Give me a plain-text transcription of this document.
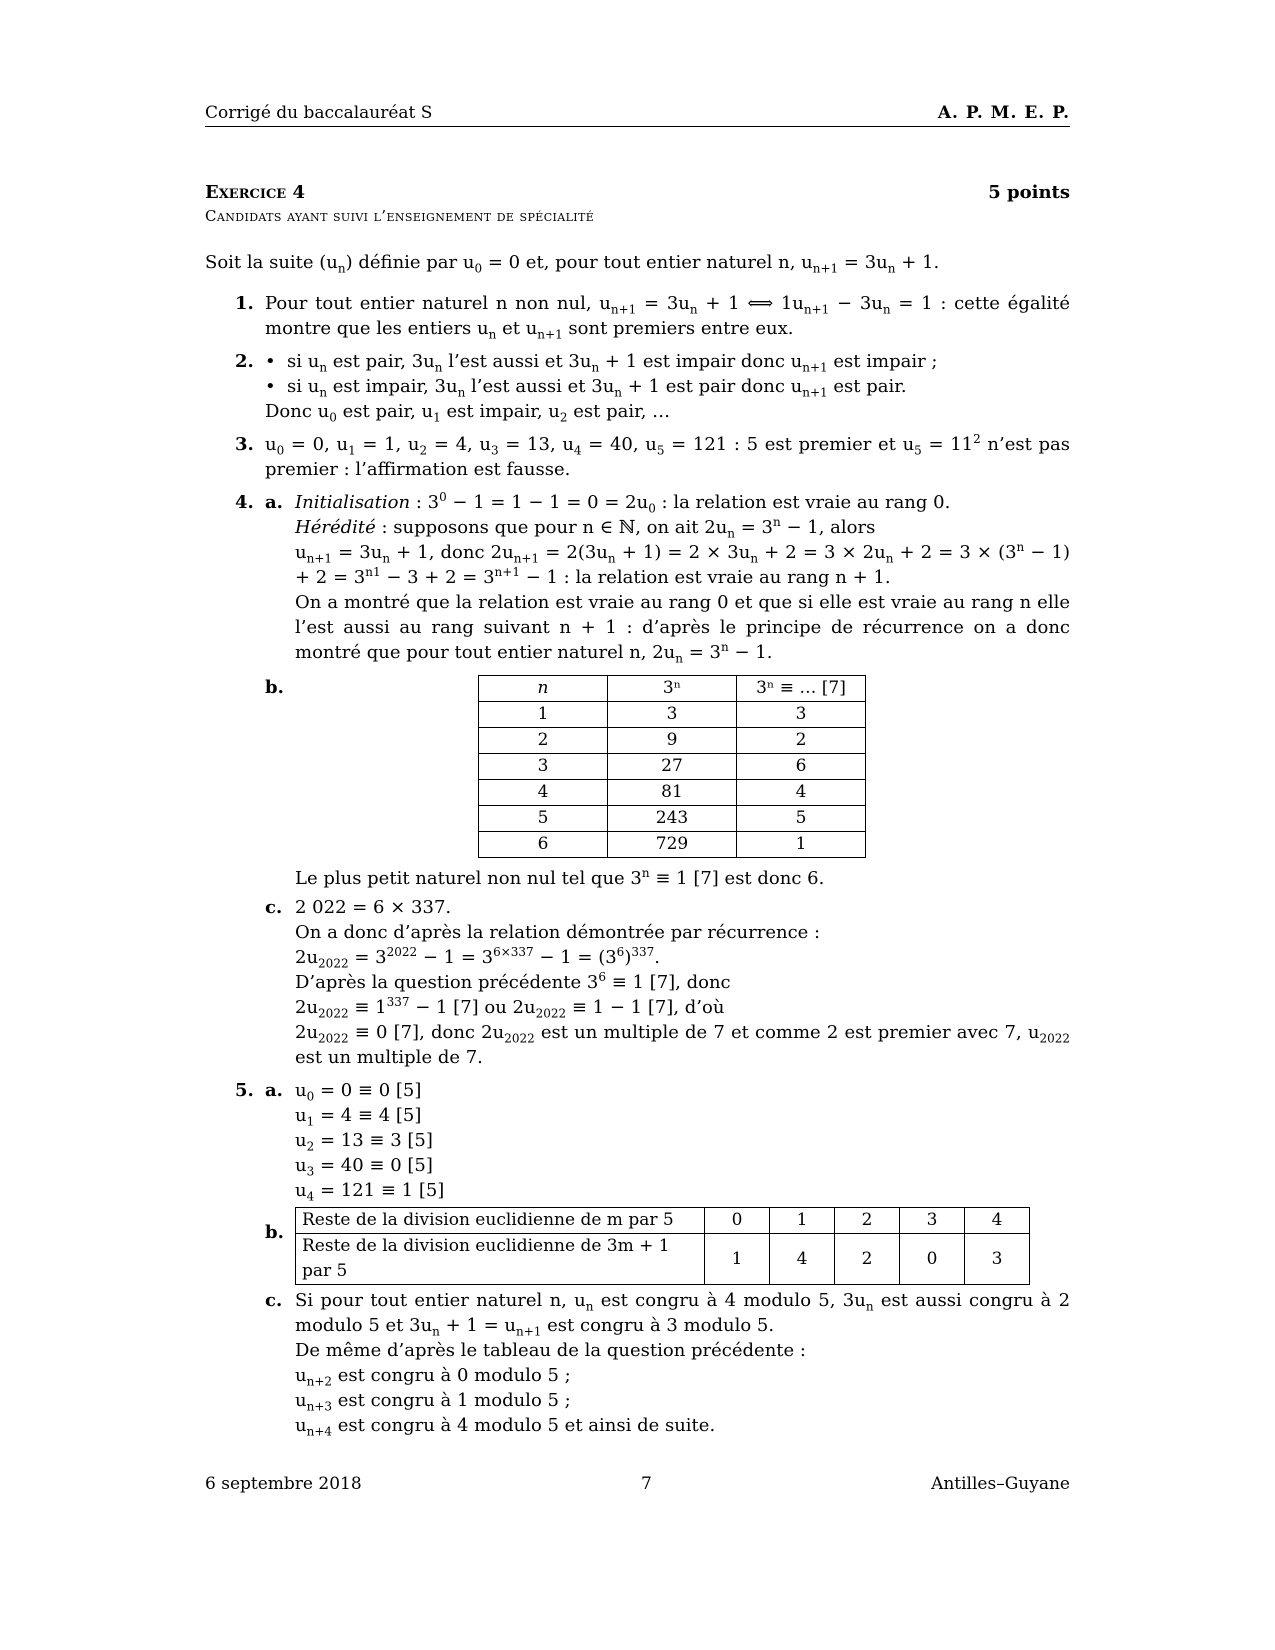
Corrigé du baccalauréat S	A. P. M. E. P.
Exercice 4	5 points
Candidats ayant suivi l’enseignement de spécialité
Soit la suite $(u_n)$ définie par $u_0 = 0$ et, pour tout entier naturel n, $u_{n+1} = 3u_n + 1$.
1. Pour tout entier naturel n non nul, $u_{n+1} = 3u_n + 1$ ⟺ $1u_{n+1} - 3u_n = 1$ : cette égalité montre que les entiers $u_n$ et $u_{n+1}$ sont premiers entre eux.
2. • si $u_n$ est pair, $3u_n$ l’est aussi et $3u_n + 1$ est impair donc $u_{n+1}$ est impair ;
• si $u_n$ est impair, $3u_n$ l’est aussi et $3u_n + 1$ est pair donc $u_{n+1}$ est pair.
Donc $u_0$ est pair, $u_1$ est impair, $u_2$ est pair, …
3. $u_0 = 0$, $u_1 = 1$, $u_2 = 4$, $u_3 = 13$, $u_4 = 40$, $u_5 = 121$ : 5 est premier et $u_5 = 11^2$ n’est pas premier : l’affirmation est fausse.
4. a. Initialisation : $3^0 - 1 = 1 - 1 = 0 = 2u_0$ : la relation est vraie au rang 0.
Hérédité : supposons que pour n ∈ ℕ, on ait $2u_n = 3^n - 1$, alors
$u_{n+1} = 3u_n + 1$, donc $2u_{n+1} = 2(3u_n + 1) = 2 \times 3u_n + 2 = 3 \times 2u_n + 2 = 3 \times (3^n - 1) + 2 = 3^{n1} - 3 + 2 = 3^{n+1} - 1$ : la relation est vraie au rang n + 1.
On a montré que la relation est vraie au rang 0 et que si elle est vraie au rang n elle l’est aussi au rang suivant n + 1 : d’après le principe de récurrence on a donc montré que pour tout entier naturel n, $2u_n = 3^n - 1$.
b.	n	3ⁿ	3ⁿ ≡ … [7]
1	3	3
2	9	2
3	27	6
4	81	4
5	243	5
6	729	1
Le plus petit naturel non nul tel que $3^n \equiv 1$ [7] est donc 6.
c. 2 022 = 6 × 337.
On a donc d’après la relation démontrée par récurrence :
$2u_{2022} = 3^{2022} - 1 = 3^{6\times 337} - 1 = (3^6)^{337}$.
D’après la question précédente $3^6 \equiv 1$ [7], donc
$2u_{2022} \equiv 1^{337} - 1$ [7] ou $2u_{2022} \equiv 1 - 1$ [7], d’où
$2u_{2022} \equiv 0$ [7], donc $2u_{2022}$ est un multiple de 7 et comme 2 est premier avec 7, $u_{2022}$ est un multiple de 7.
5. a. $u_0 = 0 \equiv 0$ [5]
$u_1 = 4 \equiv 4$ [5]
$u_2 = 13 \equiv 3$ [5]
$u_3 = 40 \equiv 0$ [5]
$u_4 = 121 \equiv 1$ [5]
b.
Reste de la division euclidienne de m par 5	0	1	2	3	4
Reste de la division euclidienne de 3m + 1 par 5	1	4	2	0	3
c. Si pour tout entier naturel n, $u_n$ est congru à 4 modulo 5, $3u_n$ est aussi congru à 2 modulo 5 et $3u_n + 1 = u_{n+1}$ est congru à 3 modulo 5.
De même d’après le tableau de la question précédente :
$u_{n+2}$ est congru à 0 modulo 5 ;
$u_{n+3}$ est congru à 1 modulo 5 ;
$u_{n+4}$ est congru à 4 modulo 5 et ainsi de suite.
6 septembre 2018	7	Antilles–Guyane
